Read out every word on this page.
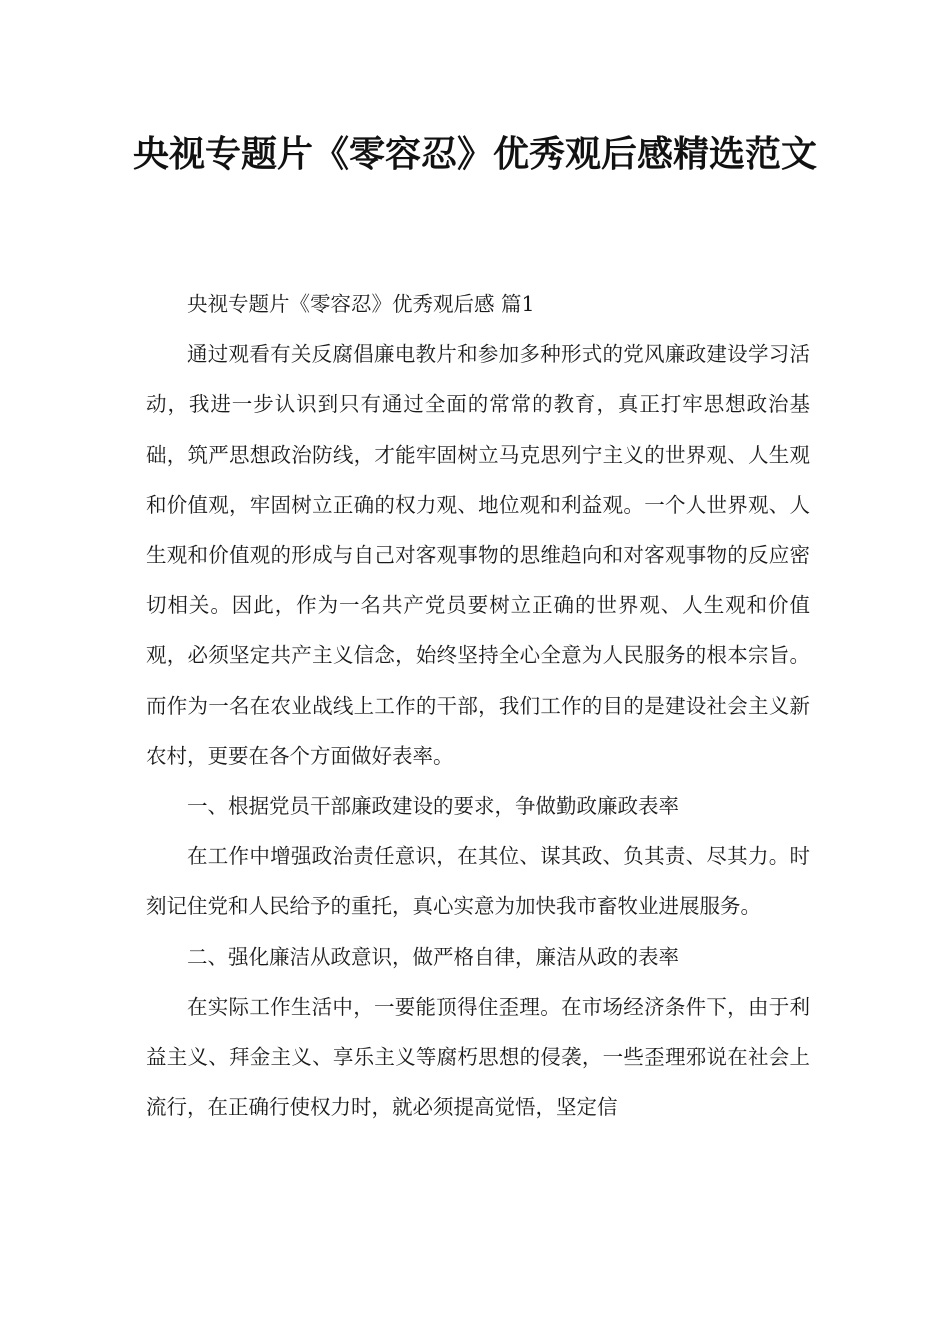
央视专题片《零容忍》优秀观后感精选范文

央视专题片《零容忍》优秀观后感 篇1

通过观看有关反腐倡廉电教片和参加多种形式的党风廉政建设学习活动，我进一步认识到只有通过全面的常常的教育，真正打牢思想政治基础，筑严思想政治防线，才能牢固树立马克思列宁主义的世界观、人生观和价值观，牢固树立正确的权力观、地位观和利益观。一个人世界观、人生观和价值观的形成与自己对客观事物的思维趋向和对客观事物的反应密切相关。因此，作为一名共产党员要树立正确的世界观、人生观和价值观，必须坚定共产主义信念，始终坚持全心全意为人民服务的根本宗旨。而作为一名在农业战线上工作的干部，我们工作的目的是建设社会主义新农村，更要在各个方面做好表率。

一、根据党员干部廉政建设的要求，争做勤政廉政表率

在工作中增强政治责任意识，在其位、谋其政、负其责、尽其力。时刻记住党和人民给予的重托，真心实意为加快我市畜牧业进展服务。

二、强化廉洁从政意识，做严格自律，廉洁从政的表率

在实际工作生活中，一要能顶得住歪理。在市场经济条件下，由于利益主义、拜金主义、享乐主义等腐朽思想的侵袭，一些歪理邪说在社会上流行，在正确行使权力时，就必须提高觉悟，坚定信
